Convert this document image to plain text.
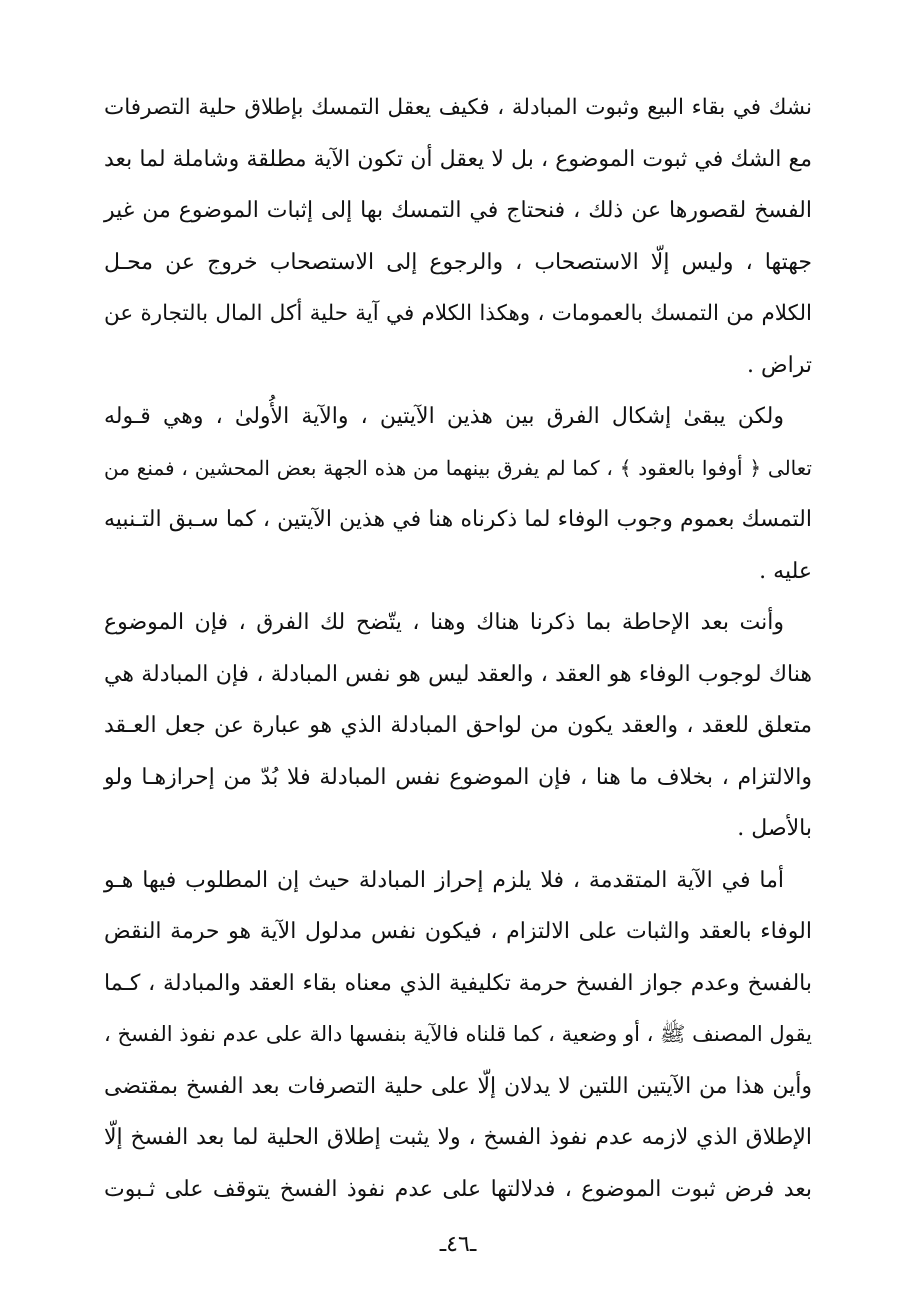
نشك في بقاء البيع وثبوت المبادلة ، فكيف يعقل التمسك بإطلاق حلية التصرفات
مع الشك في ثبوت الموضوع ، بل لا يعقل أن تكون الآية مطلقة وشاملة لما بعد
الفسخ لقصورها عن ذلك ، فنحتاج في التمسك بها إلى إثبات الموضوع من غير
جهتها ، وليس إلّا الاستصحاب ، والرجوع إلى الاستصحاب خروج عن محـل
الكلام من التمسك بالعمومات ، وهكذا الكلام في آية حلية أكل المال بالتجارة عن
تراض .
ولكن يبقىٰ إشكال الفرق بين هذين الآيتين ، والآية الأُولىٰ ، وهي قـوله
تعالى ﴿ أوفوا بالعقود ﴾ ، كما لم يفرق بينهما من هذه الجهة بعض المحشين ، فمنع من
التمسك بعموم وجوب الوفاء لما ذكرناه هنا في هذين الآيتين ، كما سـبق التـنبيه
عليه .
وأنت بعد الإحاطة بما ذكرنا هناك وهنا ، يتّضح لك الفرق ، فإن الموضوع
هناك لوجوب الوفاء هو العقد ، والعقد ليس هو نفس المبادلة ، فإن المبادلة هي
متعلق للعقد ، والعقد يكون من لواحق المبادلة الذي هو عبارة عن جعل العـقد
والالتزام ، بخلاف ما هنا ، فإن الموضوع نفس المبادلة فلا بُدّ من إحرازهـا ولو
بالأصل .
أما في الآية المتقدمة ، فلا يلزم إحراز المبادلة حيث إن المطلوب فيها هـو
الوفاء بالعقد والثبات على الالتزام ، فيكون نفس مدلول الآية هو حرمة النقض
بالفسخ وعدم جواز الفسخ حرمة تكليفية الذي معناه بقاء العقد والمبادلة ، كـما
يقول المصنف ﷺ ، أو وضعية ، كما قلناه فالآية بنفسها دالة على عدم نفوذ الفسخ ،
وأين هذا من الآيتين اللتين لا يدلان إلّا على حلية التصرفات بعد الفسخ بمقتضى
الإطلاق الذي لازمه عدم نفوذ الفسخ ، ولا يثبت إطلاق الحلية لما بعد الفسخ إلّا
بعد فرض ثبوت الموضوع ، فدلالتها على عدم نفوذ الفسخ يتوقف على ثـبوت
ـ٤٦ـ
